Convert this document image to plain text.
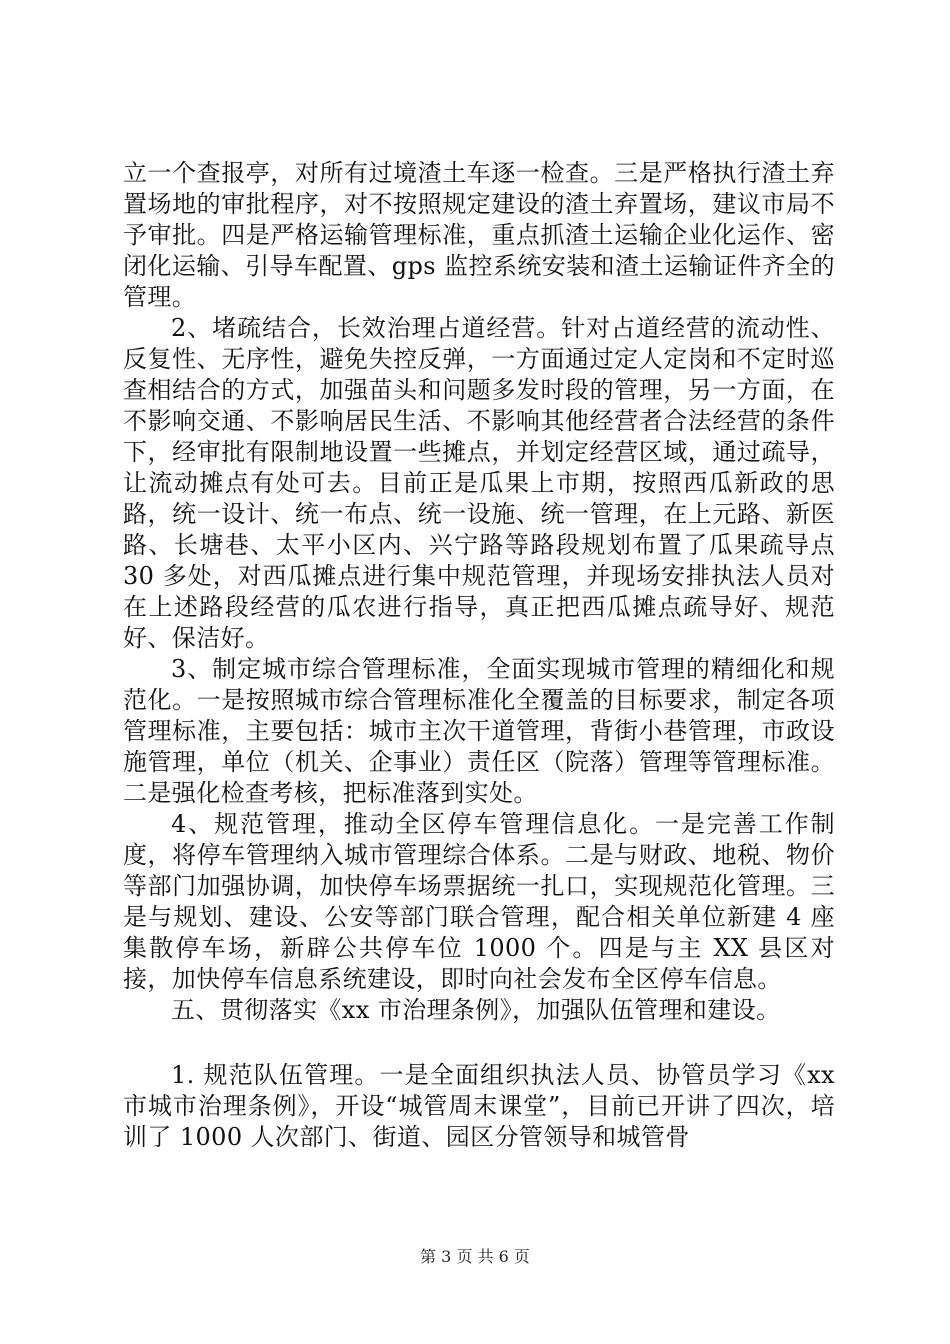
立一个查报亭，对所有过境渣土车逐一检查。三是严格执行渣土弃置场地的审批程序，对不按照规定建设的渣土弃置场，建议市局不予审批。四是严格运输管理标准，重点抓渣土运输企业化运作、密闭化运输、引导车配置、gps 监控系统安装和渣土运输证件齐全的管理。

2、堵疏结合，长效治理占道经营。针对占道经营的流动性、反复性、无序性，避免失控反弹，一方面通过定人定岗和不定时巡查相结合的方式，加强苗头和问题多发时段的管理，另一方面，在不影响交通、不影响居民生活、不影响其他经营者合法经营的条件下，经审批有限制地设置一些摊点，并划定经营区域，通过疏导，让流动摊点有处可去。目前正是瓜果上市期，按照西瓜新政的思路，统一设计、统一布点、统一设施、统一管理，在上元路、新医路、长塘巷、太平小区内、兴宁路等路段规划布置了瓜果疏导点 30 多处，对西瓜摊点进行集中规范管理，并现场安排执法人员对在上述路段经营的瓜农进行指导，真正把西瓜摊点疏导好、规范好、保洁好。

3、制定城市综合管理标准，全面实现城市管理的精细化和规范化。一是按照城市综合管理标准化全覆盖的目标要求，制定各项管理标准，主要包括：城市主次干道管理，背街小巷管理，市政设施管理，单位（机关、企事业）责任区（院落）管理等管理标准。二是强化检查考核，把标准落到实处。

4、规范管理，推动全区停车管理信息化。一是完善工作制度，将停车管理纳入城市管理综合体系。二是与财政、地税、物价等部门加强协调，加快停车场票据统一扎口，实现规范化管理。三是与规划、建设、公安等部门联合管理，配合相关单位新建 4 座集散停车场，新辟公共停车位 1000 个。四是与主 XX 县区对接，加快停车信息系统建设，即时向社会发布全区停车信息。

五、贯彻落实《xx 市治理条例》，加强队伍管理和建设。

1. 规范队伍管理。一是全面组织执法人员、协管员学习《xx 市城市治理条例》，开设“城管周末课堂”，目前已开讲了四次，培训了 1000 人次部门、街道、园区分管领导和城管骨

第 3 页 共 6 页
